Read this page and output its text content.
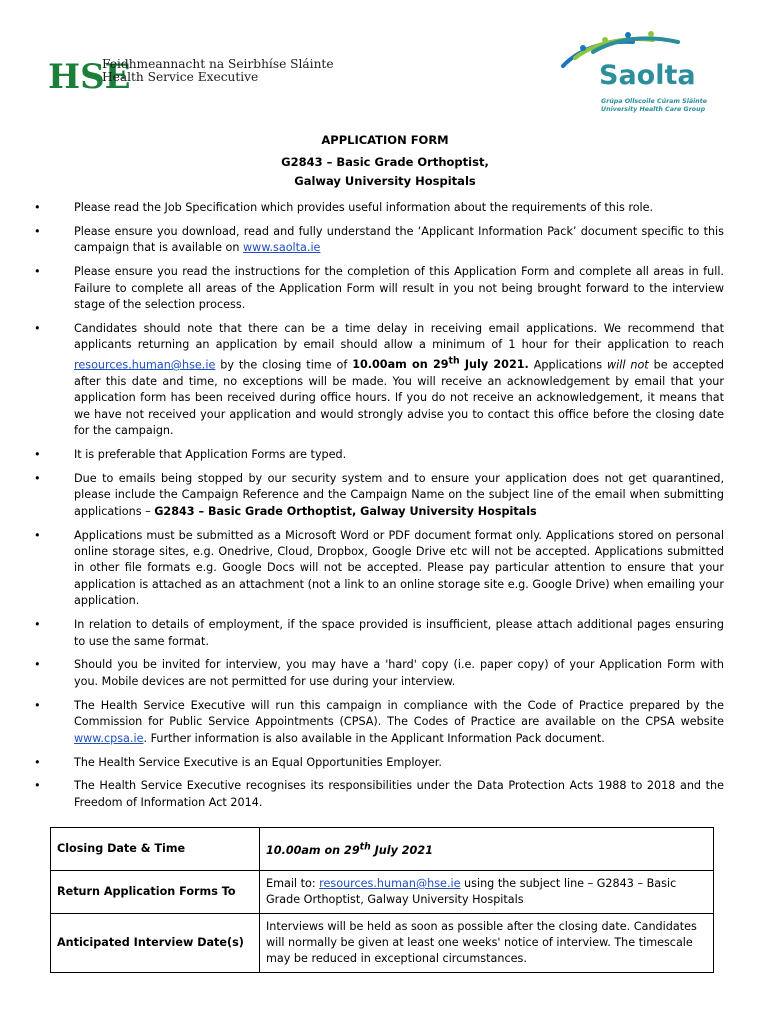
HSE
Feidhmeannacht na Seirbhíse Sláinte
Health Service Executive	Saolta
Grúpa Ollscoile Cúram Sláinte
University Health Care Group
APPLICATION FORM
G2843 – Basic Grade Orthoptist,
Galway University Hospitals
•	Please read the Job Specification which provides useful information about the requirements of this role.
•	Please ensure you download, read and fully understand the ‘Applicant Information Pack’ document specific to this campaign that is available on www.saolta.ie
•	Please ensure you read the instructions for the completion of this Application Form and complete all areas in full. Failure to complete all areas of the Application Form will result in you not being brought forward to the interview stage of the selection process.
•	Candidates should note that there can be a time delay in receiving email applications. We recommend that applicants returning an application by email should allow a minimum of 1 hour for their application to reach resources.human@hse.ie by the closing time of 10.00am on 29th July 2021. Applications will not be accepted after this date and time, no exceptions will be made. You will receive an acknowledgement by email that your application form has been received during office hours. If you do not receive an acknowledgement, it means that we have not received your application and would strongly advise you to contact this office before the closing date for the campaign.
•	It is preferable that Application Forms are typed.
•	Due to emails being stopped by our security system and to ensure your application does not get quarantined, please include the Campaign Reference and the Campaign Name on the subject line of the email when submitting applications – G2843 – Basic Grade Orthoptist, Galway University Hospitals
•	Applications must be submitted as a Microsoft Word or PDF document format only. Applications stored on personal online storage sites, e.g. Onedrive, Cloud, Dropbox, Google Drive etc will not be accepted. Applications submitted in other file formats e.g. Google Docs will not be accepted. Please pay particular attention to ensure that your application is attached as an attachment (not a link to an online storage site e.g. Google Drive) when emailing your application.
•	In relation to details of employment, if the space provided is insufficient, please attach additional pages ensuring to use the same format.
•	Should you be invited for interview, you may have a 'hard' copy (i.e. paper copy) of your Application Form with you. Mobile devices are not permitted for use during your interview.
•	The Health Service Executive will run this campaign in compliance with the Code of Practice prepared by the Commission for Public Service Appointments (CPSA). The Codes of Practice are available on the CPSA website www.cpsa.ie. Further information is also available in the Applicant Information Pack document.
•	The Health Service Executive is an Equal Opportunities Employer.
•	The Health Service Executive recognises its responsibilities under the Data Protection Acts 1988 to 2018 and the Freedom of Information Act 2014.
Closing Date & Time	10.00am on 29th July 2021
Return Application Forms To	Email to: resources.human@hse.ie using the subject line – G2843 – Basic Grade Orthoptist, Galway University Hospitals
Anticipated Interview Date(s)	Interviews will be held as soon as possible after the closing date. Candidates will normally be given at least one weeks' notice of interview. The timescale may be reduced in exceptional circumstances.
